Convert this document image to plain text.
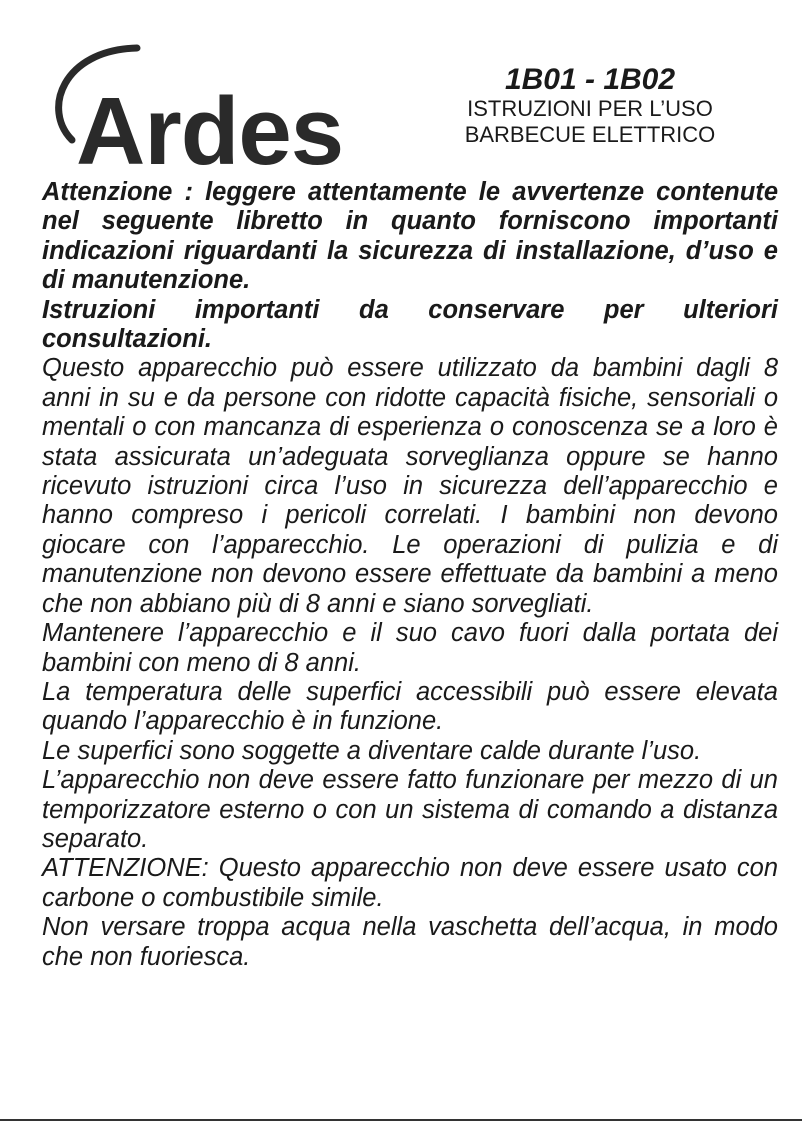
Ardes	1B01 - 1B02
ISTRUZIONI PER L’USO
BARBECUE ELETTRICO

Attenzione : leggere attentamente le avvertenze contenute nel seguente libretto in quanto forniscono importanti indicazioni riguardanti la sicurezza di installazione, d’uso e di manutenzione.

Istruzioni importanti da conservare per ulteriori consultazioni.

Questo apparecchio può essere utilizzato da bambini dagli 8 anni in su e da persone con ridotte capacità fisiche, sensoriali o mentali o con mancanza di esperienza o conoscenza se a loro è stata assicurata un’adeguata sorveglianza oppure se hanno ricevuto istruzioni circa l’uso in sicurezza dell’apparecchio e hanno compreso i pericoli correlati. I bambini non devono giocare con l’apparecchio. Le operazioni di pulizia e di manutenzione non devono essere effettuate da bambini a meno che non abbiano più di 8 anni e siano sorvegliati.

Mantenere l’apparecchio e il suo cavo fuori dalla portata dei bambini con meno di 8 anni.

La temperatura delle superfici accessibili può essere elevata quando l’apparecchio è in funzione.

Le superfici sono soggette a diventare calde durante l’uso.

L’apparecchio non deve essere fatto funzionare per mezzo di un temporizzatore esterno o con un sistema di comando a distanza separato.

ATTENZIONE: Questo apparecchio non deve essere usato con carbone o combustibile simile.

Non versare troppa acqua nella vaschetta dell’acqua, in modo che non fuoriesca.
